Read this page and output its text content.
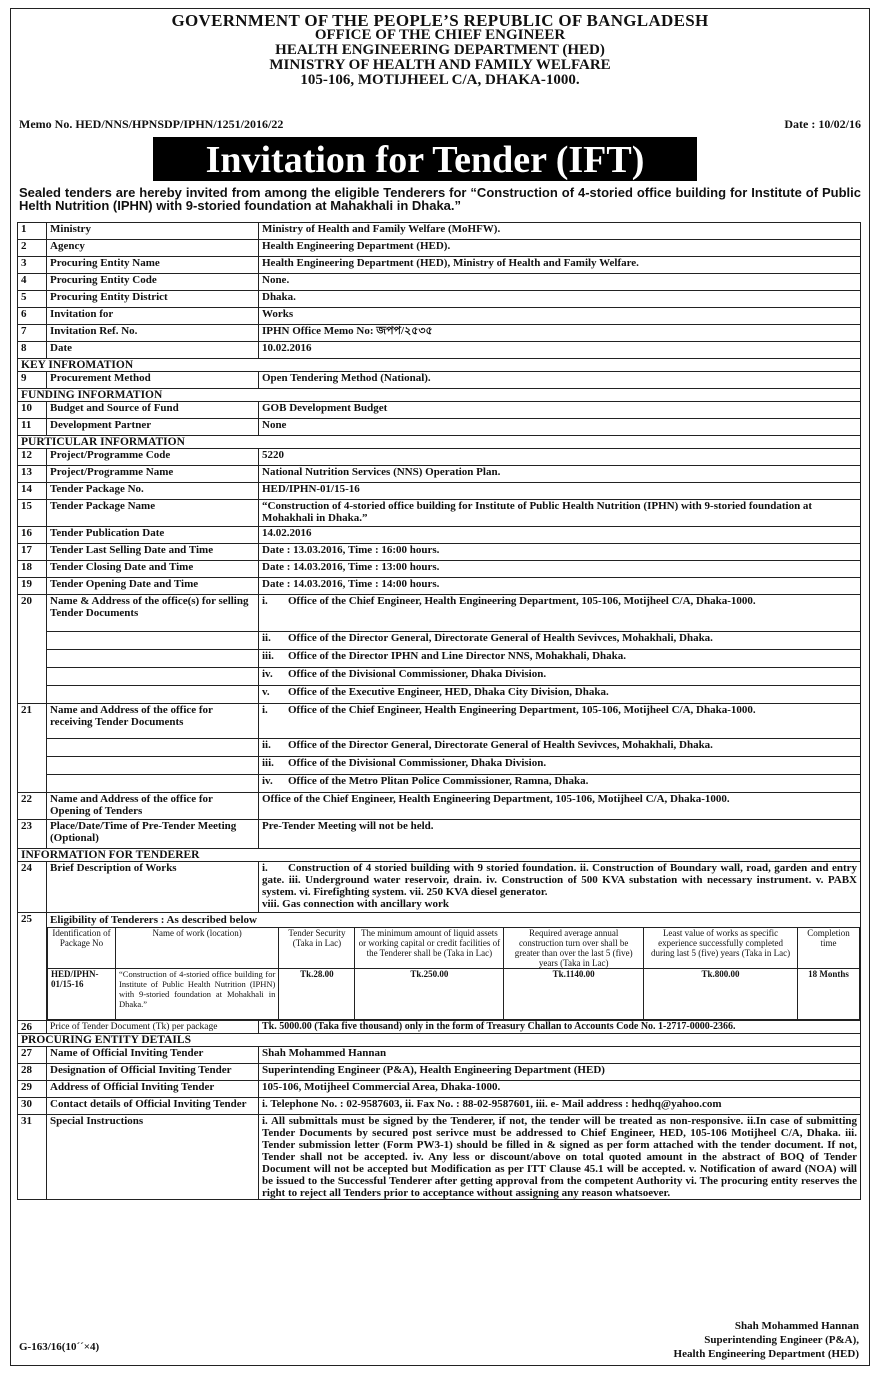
GOVERNMENT OF THE PEOPLE’S REPUBLIC OF BANGLADESH
OFFICE OF THE CHIEF ENGINEER
HEALTH ENGINEERING DEPARTMENT (HED)
MINISTRY OF HEALTH AND FAMILY WELFARE
105-106, MOTIJHEEL C/A, DHAKA-1000.
Memo No. HED/NNS/HPNSDP/IPHN/1251/2016/22	Date : 10/02/16
Invitation for Tender (IFT)
Sealed tenders are hereby invited from among the eligible Tenderers for “Construction of 4-storied office building for Institute of Public Helth Nutrition (IPHN) with 9-storied foundation at Mahakhali in Dhaka.”
1	Ministry	Ministry of Health and Family Welfare (MoHFW).
2	Agency	Health Engineering Department (HED).
3	Procuring Entity Name	Health Engineering Department (HED), Ministry of Health and Family Welfare.
4	Procuring Entity Code	None.
5	Procuring Entity District	Dhaka.
6	Invitation for	Works
7	Invitation Ref. No.	IPHN Office Memo No: জপপ/২৫৩৫
8	Date	10.02.2016
KEY INFROMATION
9	Procurement Method	Open Tendering Method (National).
FUNDING INFORMATION
10	Budget and Source of Fund	GOB Development Budget
11	Development Partner	None
PURTICULAR INFORMATION
12	Project/Programme Code	5220
13	Project/Programme Name	National Nutrition Services (NNS) Operation Plan.
14	Tender Package No.	HED/IPHN-01/15-16
15	Tender Package Name	“Construction of 4-storied office building for Institute of Public Health Nutrition (IPHN) with 9-storied foundation at Mohakhali in Dhaka.”
16	Tender Publication Date	14.02.2016
17	Tender Last Selling Date and Time	Date : 13.03.2016, Time : 16:00 hours.
18	Tender Closing Date and Time	Date : 14.03.2016, Time : 13:00 hours.
19	Tender Opening Date and Time	Date : 14.03.2016, Time : 14:00 hours.
20	Name & Address of the office(s) for selling Tender Documents	i. Office of the Chief Engineer, Health Engineering Department, 105-106, Motijheel C/A, Dhaka-1000.
	ii. Office of the Director General, Directorate General of Health Sevivces, Mohakhali, Dhaka.
	iii. Office of the Director IPHN and Line Director NNS, Mohakhali, Dhaka.
	iv. Office of the Divisional Commissioner, Dhaka Division.
	v. Office of the Executive Engineer, HED, Dhaka City Division, Dhaka.
21	Name and Address of the office for receiving Tender Documents	i. Office of the Chief Engineer, Health Engineering Department, 105-106, Motijheel C/A, Dhaka-1000.
	ii. Office of the Director General, Directorate General of Health Sevivces, Mohakhali, Dhaka.
	iii. Office of the Divisional Commissioner, Dhaka Division.
	iv. Office of the Metro Plitan Police Commissioner, Ramna, Dhaka.
22	Name and Address of the office for Opening of Tenders	Office of the Chief Engineer, Health Engineering Department, 105-106, Motijheel C/A, Dhaka-1000.
23	Place/Date/Time of Pre-Tender Meeting (Optional)	Pre-Tender Meeting will not be held.
INFORMATION FOR TENDERER
24	Brief Description of Works	i. Construction of 4 storied building with 9 storied foundation. ii. Construction of Boundary wall, road, garden and entry gate. iii. Underground water reservoir, drain. iv. Construction of 500 KVA substation with necessary instrument. v. PABX system. vi. Firefighting system. vii. 250 KVA diesel generator.
viii. Gas connection with ancillary work

25	Eligibility of Tenderers : As described below
Identification of Package No	Name of work (location)	Tender Security (Taka in Lac)	The minimum amount of liquid assets or working capital or credit facilities of the Tenderer shall be (Taka in Lac)	Required average annual construction turn over shall be greater than over the last 5 (five) years (Taka in Lac)	Least value of works as specific experience successfully completed during last 5 (five) years (Taka in Lac)	Completion time
HED/IPHN-01/15-16	“Construction of 4-storied office building for Institute of Public Health Nutrition (IPHN) with 9-storied foundation at Mohakhali in Dhaka.”	Tk.28.00	Tk.250.00	Tk.1140.00	Tk.800.00	18 Months

26	Price of Tender Document (Tk) per package	Tk. 5000.00 (Taka five thousand) only in the form of Treasury Challan to Accounts Code No. 1-2717-0000-2366.
PROCURING ENTITY DETAILS
27	Name of Official Inviting Tender	Shah Mohammed Hannan
28	Designation of Official Inviting Tender	Superintending Engineer (P&A), Health Engineering Department (HED)
29	Address of Official Inviting Tender	105-106, Motijheel Commercial Area, Dhaka-1000.
30	Contact details of Official Inviting Tender	i. Telephone No. : 02-9587603, ii. Fax No. : 88-02-9587601, iii. e- Mail address : hedhq@yahoo.com
31	Special Instructions	i. All submittals must be signed by the Tenderer, if not, the tender will be treated as non-responsive. ii.In case of submitting Tender Documents by secured post serivce must be addressed to Chief Engineer, HED, 105-106 Motijheel C/A, Dhaka. iii. Tender submission letter (Form PW3-1) should be filled in & signed as per form attached with the tender document. If not, Tender shall not be accepted. iv. Any less or discount/above on total quoted amount in the abstract of BOQ of Tender Document will not be accepted but Modification as per ITT Clause 45.1 will be accepted. v. Notification of award (NOA) will be issued to the Successful Tenderer after getting approval from the competent Authority vi. The procuring entity reserves the right to reject all Tenders prior to acceptance without assigning any reason whatsoever.
G-163/16(10´´×4)
Shah Mohammed Hannan
Superintending Engineer (P&A),
Health Engineering Department (HED)
